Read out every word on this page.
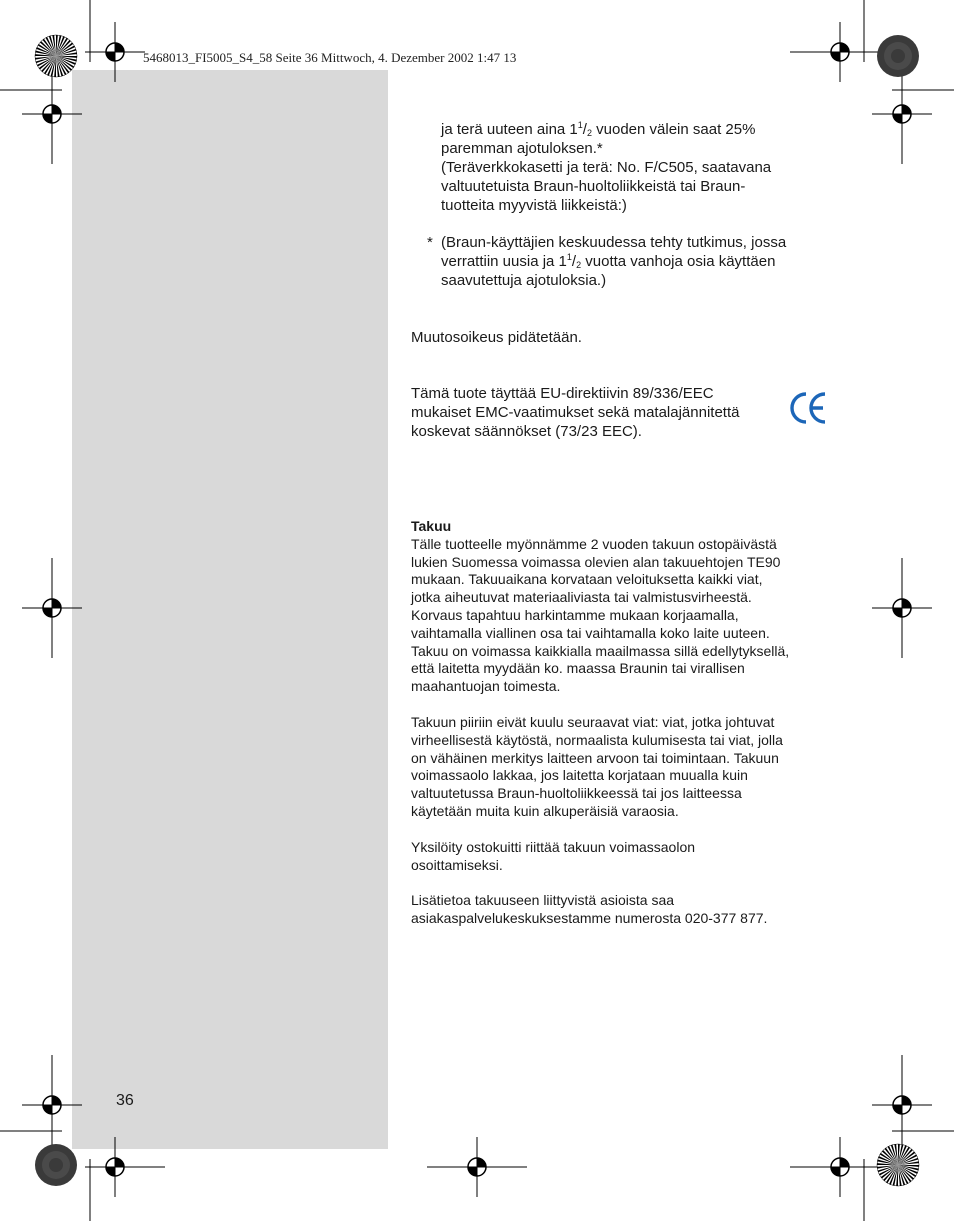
5468013_FI5005_S4_58 Seite 36 Mittwoch, 4. Dezember 2002 1:47 13
ja terä uuteen aina $1^1/_2$ vuoden välein saat 25%
paremman ajotuloksen.*
(Teräverkkokasetti ja terä: No. F/C505, saatavana
valtuutetuista Braun-huoltoliikkeistä tai Braun-
tuotteita myyvistä liikkeistä:)
* (Braun-käyttäjien keskuudessa tehty tutkimus, jossa
verrattiin uusia ja $1^1/_2$ vuotta vanhoja osia käyttäen
saavutettuja ajotuloksia.)
Muutosoikeus pidätetään.
Tämä tuote täyttää EU-direktiivin 89/336/EEC
mukaiset EMC-vaatimukset sekä matalajännitettä
koskevat säännökset (73/23 EEC).
Takuu
Tälle tuotteelle myönnämme 2 vuoden takuun ostopäivästä
lukien Suomessa voimassa olevien alan takuuehtojen TE90
mukaan. Takuuaikana korvataan veloituksetta kaikki viat,
jotka aiheutuvat materiaaliviasta tai valmistusvirheestä.
Korvaus tapahtuu harkintamme mukaan korjaamalla,
vaihtamalla viallinen osa tai vaihtamalla koko laite uuteen.
Takuu on voimassa kaikkialla maailmassa sillä edellytyksellä,
että laitetta myydään ko. maassa Braunin tai virallisen
maahantuojan toimesta.
Takuun piiriin eivät kuulu seuraavat viat: viat, jotka johtuvat
virheellisestä käytöstä, normaalista kulumisesta tai viat, jolla
on vähäinen merkitys laitteen arvoon tai toimintaan. Takuun
voimassaolo lakkaa, jos laitetta korjataan muualla kuin
valtuutetussa Braun-huoltoliikkeessä tai jos laitteessa
käytetään muita kuin alkuperäisiä varaosia.
Yksilöity ostokuitti riittää takuun voimassaolon
osoittamiseksi.
Lisätietoa takuuseen liittyvistä asioista saa
asiakaspalvelukeskuksestamme numerosta 020-377 877.
36
